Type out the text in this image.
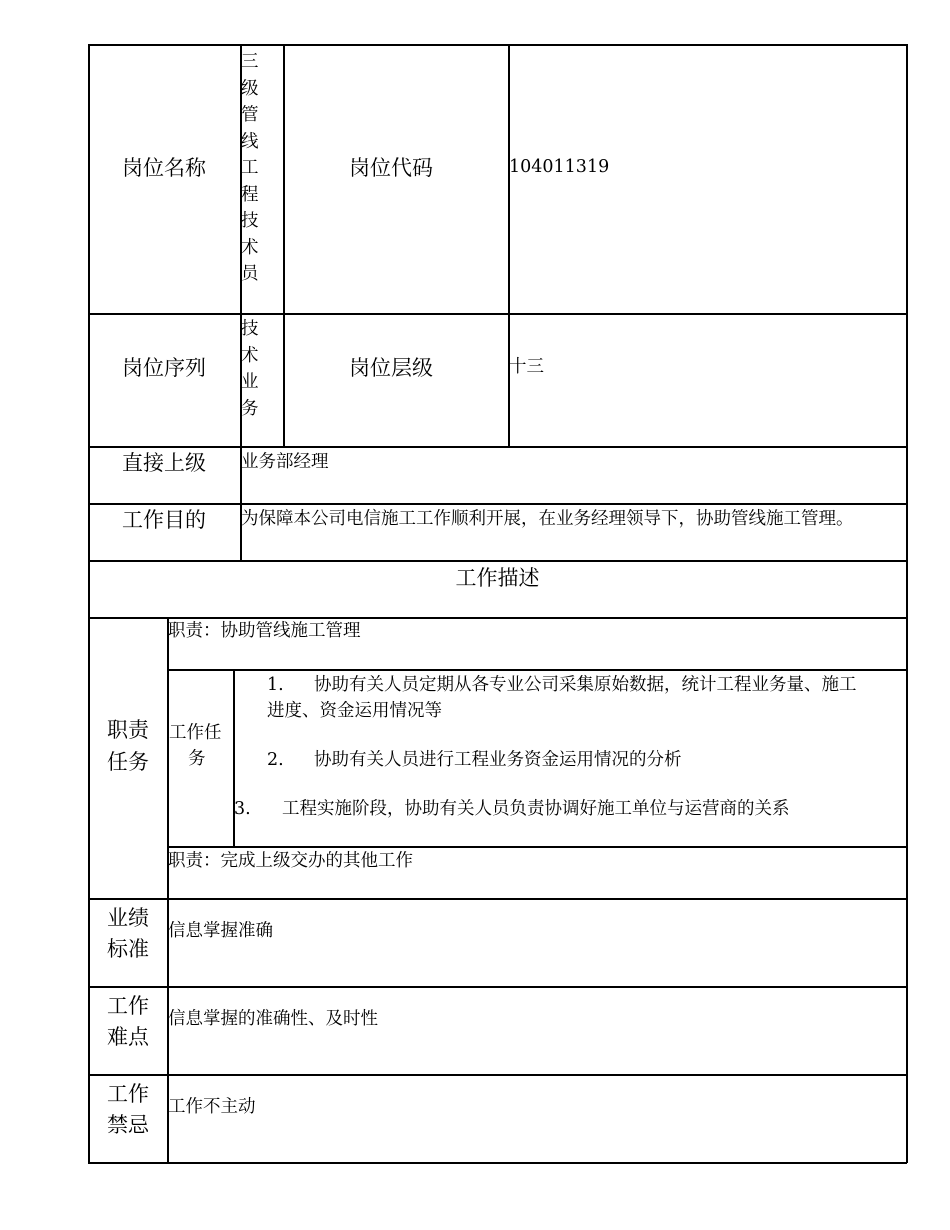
岗位名称
三级管线工程技术员
岗位代码	104011319
岗位序列
技术业务
岗位层级	十三
直接上级 业务部经理
工作目的 为保障本公司电信施工工作顺利开展，在业务经理领导下，协助管线施工管理。
工作描述
职责
任务
职责：协助管线施工管理
工作任
务
1. 协助有关人员定期从各专业公司采集原始数据，统计工程业务量、施工
进度、资金运用情况等
2. 协助有关人员进行工程业务资金运用情况的分析
3. 工程实施阶段，协助有关人员负责协调好施工单位与运营商的关系
职责：完成上级交办的其他工作
业绩
标准
信息掌握准确
工作
难点
信息掌握的准确性、及时性
工作
禁忌
工作不主动
